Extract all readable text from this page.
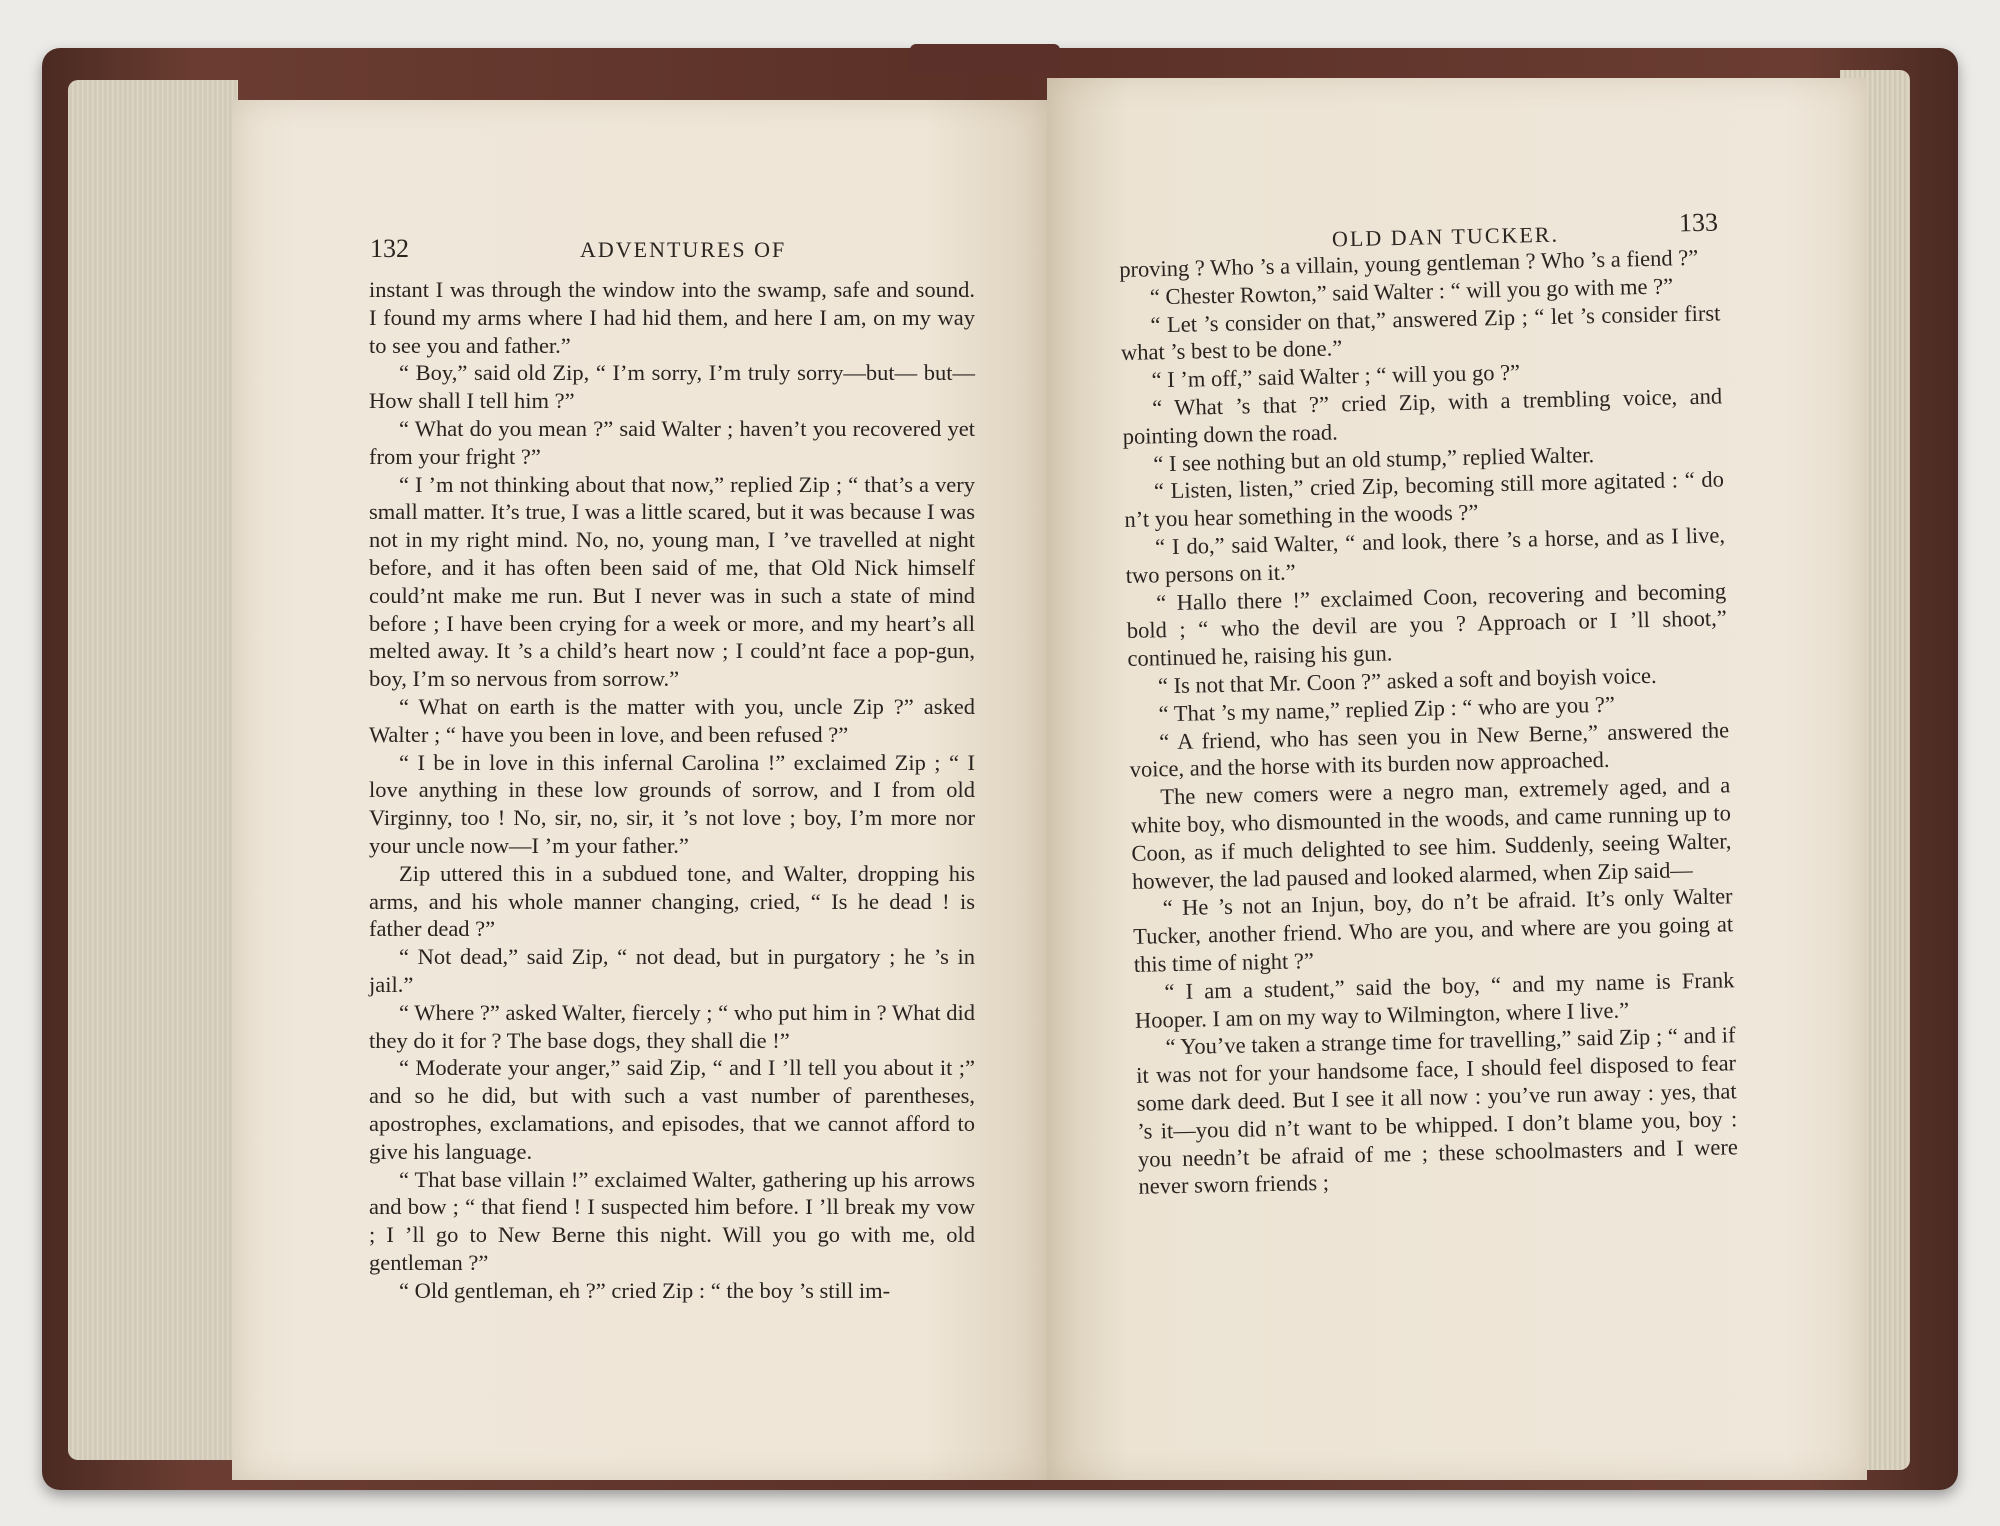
132	ADVENTURES OF

instant I was through the window into the swamp, safe and sound. I found my arms where I had hid them, and here I am, on my way to see you and father.”

“ Boy,” said old Zip, “ I’m sorry, I’m truly sorry—but— but—How shall I tell him ?”

“ What do you mean ?” said Walter ; haven’t you recovered yet from your fright ?”

“ I ’m not thinking about that now,” replied Zip ; “ that’s a very small matter. It’s true, I was a little scared, but it was because I was not in my right mind. No, no, young man, I ’ve travelled at night before, and it has often been said of me, that Old Nick himself could’nt make me run. But I never was in such a state of mind before ; I have been crying for a week or more, and my heart’s all melted away. It ’s a child’s heart now ; I could’nt face a pop-gun, boy, I’m so nervous from sorrow.”

“ What on earth is the matter with you, uncle Zip ?” asked Walter ; “ have you been in love, and been refused ?”

“ I be in love in this infernal Carolina !” exclaimed Zip ; “ I love anything in these low grounds of sorrow, and I from old Virginny, too ! No, sir, no, sir, it ’s not love ; boy, I’m more nor your uncle now—I ’m your father.”

Zip uttered this in a subdued tone, and Walter, dropping his arms, and his whole manner changing, cried, “ Is he dead ! is father dead ?”

“ Not dead,” said Zip, “ not dead, but in purgatory ; he ’s in jail.”

“ Where ?” asked Walter, fiercely ; “ who put him in ? What did they do it for ? The base dogs, they shall die !”

“ Moderate your anger,” said Zip, “ and I ’ll tell you about it ;” and so he did, but with such a vast number of parentheses, apostrophes, exclamations, and episodes, that we cannot afford to give his language.

“ That base villain !” exclaimed Walter, gathering up his arrows and bow ; “ that fiend ! I suspected him before. I ’ll break my vow ; I ’ll go to New Berne this night. Will you go with me, old gentleman ?”

“ Old gentleman, eh ?” cried Zip : “ the boy ’s still im-

OLD DAN TUCKER.	133

proving ? Who ’s a villain, young gentleman ? Who ’s a fiend ?”

“ Chester Rowton,” said Walter : “ will you go with me ?”

“ Let ’s consider on that,” answered Zip ; “ let ’s consider first what ’s best to be done.”

“ I ’m off,” said Walter ; “ will you go ?”

“ What ’s that ?” cried Zip, with a trembling voice, and pointing down the road.

“ I see nothing but an old stump,” replied Walter.

“ Listen, listen,” cried Zip, becoming still more agitated : “ do n’t you hear something in the woods ?”

“ I do,” said Walter, “ and look, there ’s a horse, and as I live, two persons on it.”

“ Hallo there !” exclaimed Coon, recovering and becoming bold ; “ who the devil are you ? Approach or I ’ll shoot,” continued he, raising his gun.

“ Is not that Mr. Coon ?” asked a soft and boyish voice.

“ That ’s my name,” replied Zip : “ who are you ?”

“ A friend, who has seen you in New Berne,” answered the voice, and the horse with its burden now approached.

The new comers were a negro man, extremely aged, and a white boy, who dismounted in the woods, and came running up to Coon, as if much delighted to see him. Suddenly, seeing Walter, however, the lad paused and looked alarmed, when Zip said—

“ He ’s not an Injun, boy, do n’t be afraid. It’s only Walter Tucker, another friend. Who are you, and where are you going at this time of night ?”

“ I am a student,” said the boy, “ and my name is Frank Hooper. I am on my way to Wilmington, where I live.”

“ You’ve taken a strange time for travelling,” said Zip ; “ and if it was not for your handsome face, I should feel disposed to fear some dark deed. But I see it all now : you’ve run away : yes, that ’s it—you did n’t want to be whipped. I don’t blame you, boy : you needn’t be afraid of me ; these schoolmasters and I were never sworn friends ;
